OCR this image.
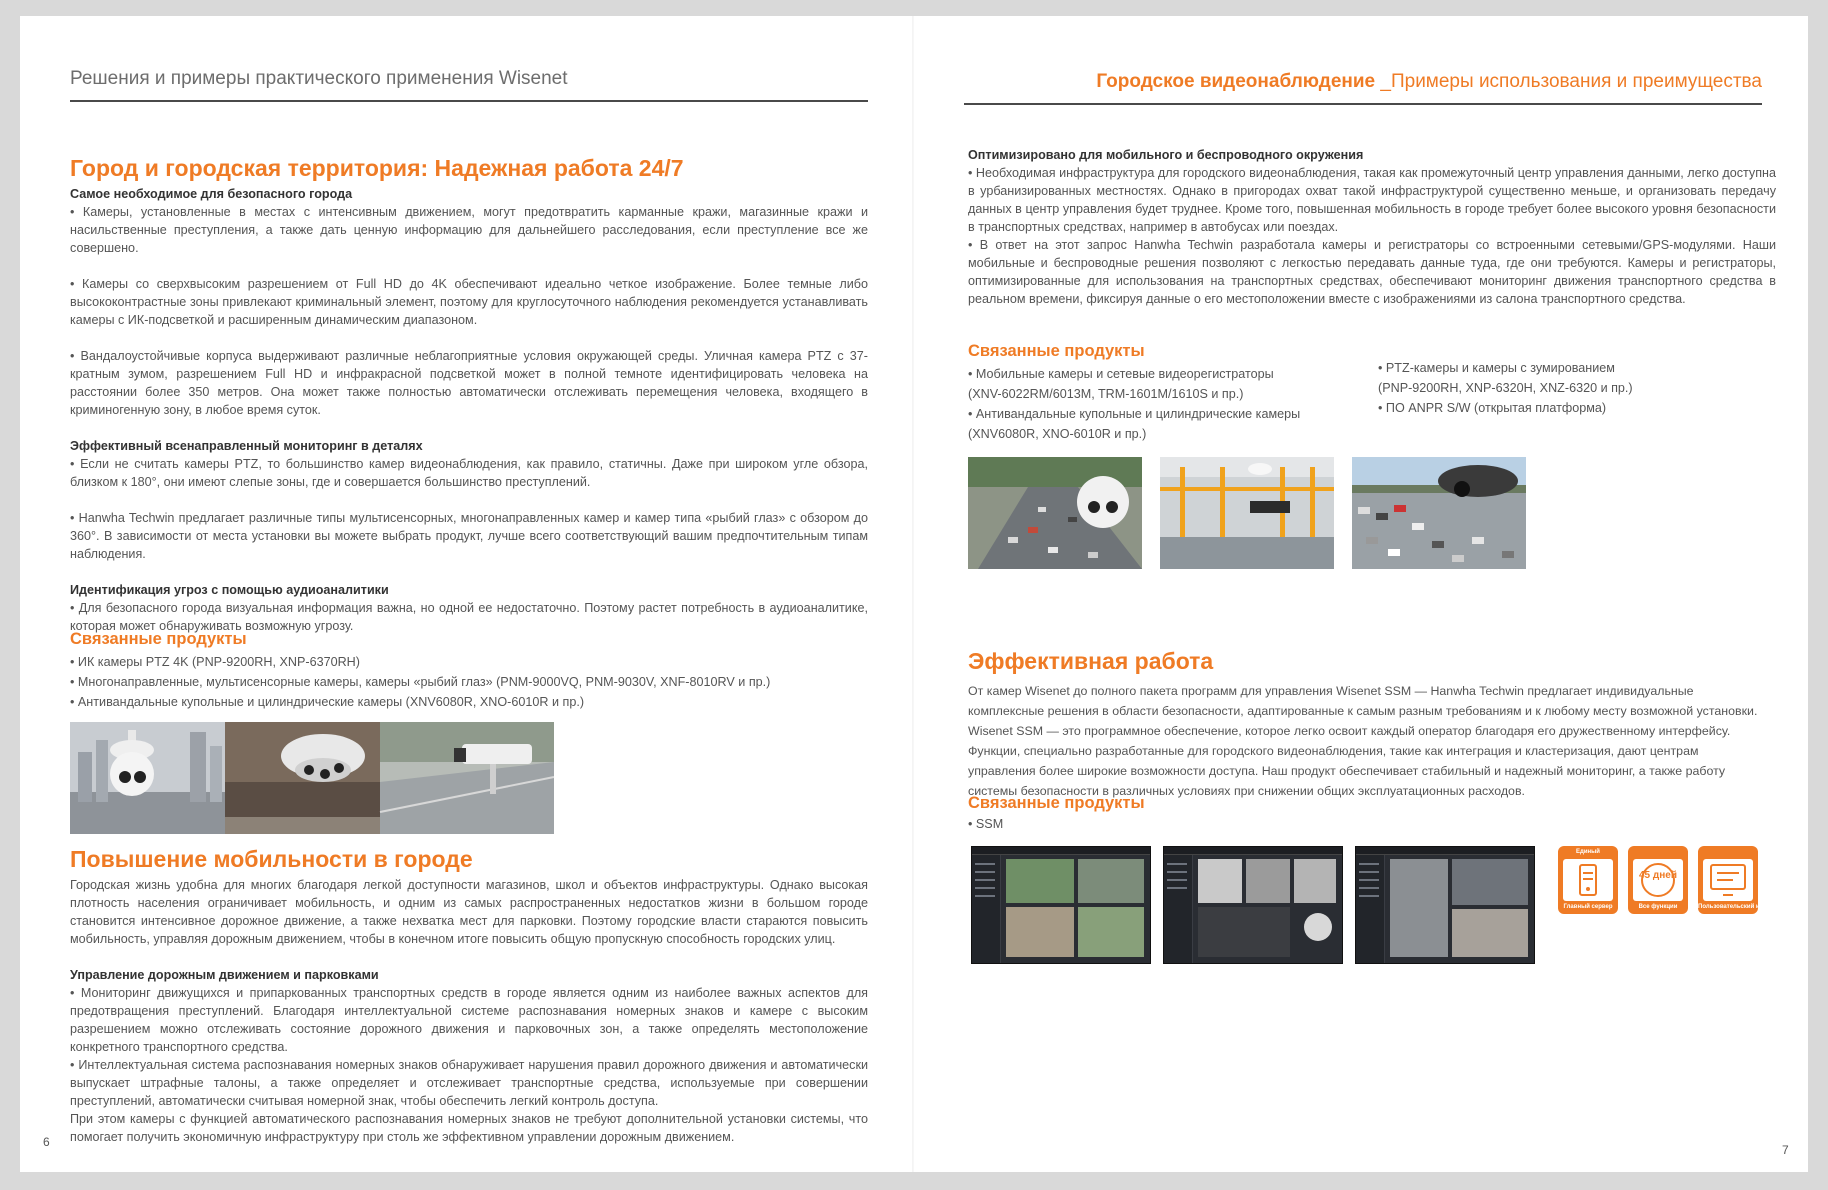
Решения и примеры практического применения Wisenet
Город и городская территория: Надежная работа 24/7

Самое необходимое для безопасного города

• Камеры, установленные в местах с интенсивным движением, могут предотвратить карманные кражи, магазинные кражи и насильственные преступления, а также дать ценную информацию для дальнейшего расследования, если преступление все же совершено.

• Камеры со сверхвысоким разрешением от Full HD до 4K обеспечивают идеально четкое изображение. Более темные либо высококонтрастные зоны привлекают криминальный элемент, поэтому для круглосуточного наблюдения рекомендуется устанавливать камеры с ИК-подсветкой и расширенным динамическим диапазоном.

• Вандалоустойчивые корпуса выдерживают различные неблагоприятные условия окружающей среды. Уличная камера PTZ с 37-кратным зумом, разрешением Full HD и инфракрасной подсветкой может в полной темноте идентифицировать человека на расстоянии более 350 метров. Она может также полностью автоматически отслеживать перемещения человека, входящего в криминогенную зону, в любое время суток.

Эффективный всенаправленный мониторинг в деталях

• Если не считать камеры PTZ, то большинство камер видеонаблюдения, как правило, статичны. Даже при широком угле обзора, близком к 180°, они имеют слепые зоны, где и совершается большинство преступлений.

• Hanwha Techwin предлагает различные типы мультисенсорных, многонаправленных камер и камер типа «рыбий глаз» с обзором до 360°. В зависимости от места установки вы можете выбрать продукт, лучше всего соответствующий вашим предпочтительным типам наблюдения.

Идентификация угроз с помощью аудиоаналитики

• Для безопасного города визуальная информация важна, но одной ее недостаточно. Поэтому растет потребность в аудиоаналитике, которая может обнаруживать возможную угрозу.

Связанные продукты
• ИК камеры PTZ 4K (PNP-9200RH, XNP-6370RH)
• Многонаправленные, мультисенсорные камеры, камеры «рыбий глаз» (PNM-9000VQ, PNM-9030V, XNF-8010RV и пр.)
• Антивандальные купольные и цилиндрические камеры (XNV6080R, XNO-6010R и пр.)
Повышение мобильности в городе

Городская жизнь удобна для многих благодаря легкой доступности магазинов, школ и объектов инфраструктуры. Однако высокая плотность населения ограничивает мобильность, и одним из самых распространенных недостатков жизни в большом городе становится интенсивное дорожное движение, а также нехватка мест для парковки. Поэтому городские власти стараются повысить мобильность, управляя дорожным движением, чтобы в конечном итоге повысить общую пропускную способность городских улиц.

Управление дорожным движением и парковками

• Мониторинг движущихся и припаркованных транспортных средств в городе является одним из наиболее важных аспектов для предотвращения преступлений. Благодаря интеллектуальной системе распознавания номерных знаков и камере с высоким разрешением можно отслеживать состояние дорожного движения и парковочных зон, а также определять местоположение конкретного транспортного средства.

• Интеллектуальная система распознавания номерных знаков обнаруживает нарушения правил дорожного движения и автоматически выпускает штрафные талоны, а также определяет и отслеживает транспортные средства, используемые при совершении преступлений, автоматически считывая номерной знак, чтобы обеспечить легкий контроль доступа.

При этом камеры с функцией автоматического распознавания номерных знаков не требуют дополнительной установки системы, что помогает получить экономичную инфраструктуру при столь же эффективном управлении дорожным движением.

6
Городское видеонаблюдение _Примеры использования и преимущества

Оптимизировано для мобильного и беспроводного окружения

• Необходимая инфраструктура для городского видеонаблюдения, такая как промежуточный центр управления данными, легко доступна в урбанизированных местностях. Однако в пригородах охват такой инфраструктурой существенно меньше, и организовать передачу данных в центр управления будет труднее. Кроме того, повышенная мобильность в городе требует более высокого уровня безопасности в транспортных средствах, например в автобусах или поездах.

• В ответ на этот запрос Hanwha Techwin разработала камеры и регистраторы со встроенными сетевыми/GPS-модулями. Наши мобильные и беспроводные решения позволяют с легкостью передавать данные туда, где они требуются. Камеры и регистраторы, оптимизированные для использования на транспортных средствах, обеспечивают мониторинг движения транспортного средства в реальном времени, фиксируя данные о его местоположении вместе с изображениями из салона транспортного средства.

Связанные продукты
• Мобильные камеры и сетевые видеорегистраторы
(XNV-6022RM/6013M, TRM-1601M/1610S и пр.)
• Антивандальные купольные и цилиндрические камеры
(XNV6080R, XNO-6010R и пр.)
• PTZ-камеры и камеры с зумированием
(PNP-9200RH, XNP-6320H, XNZ-6320 и пр.)
• ПО ANPR S/W (открытая платформа)
Эффективная работа

От камер Wisenet до полного пакета программ для управления Wisenet SSM — Hanwha Techwin предлагает индивидуальные комплексные решения в области безопасности, адаптированные к самым разным требованиям и к любому месту возможной установки. Wisenet SSM — это программное обеспечение, которое легко освоит каждый оператор благодаря его дружественному интерфейсу. Функции, специально разработанные для городского видеонаблюдения, такие как интеграция и кластеризация, дают центрам управления более широкие возможности доступа. Наш продукт обеспечивает стабильный и надежный мониторинг, а также работу системы безопасности в различных условиях при снижении общих эксплуатационных расходов.

Связанные продукты
• SSM
Единый
Главный сервер
45 дней
Все функции	Пользовательский интерфейс
7
